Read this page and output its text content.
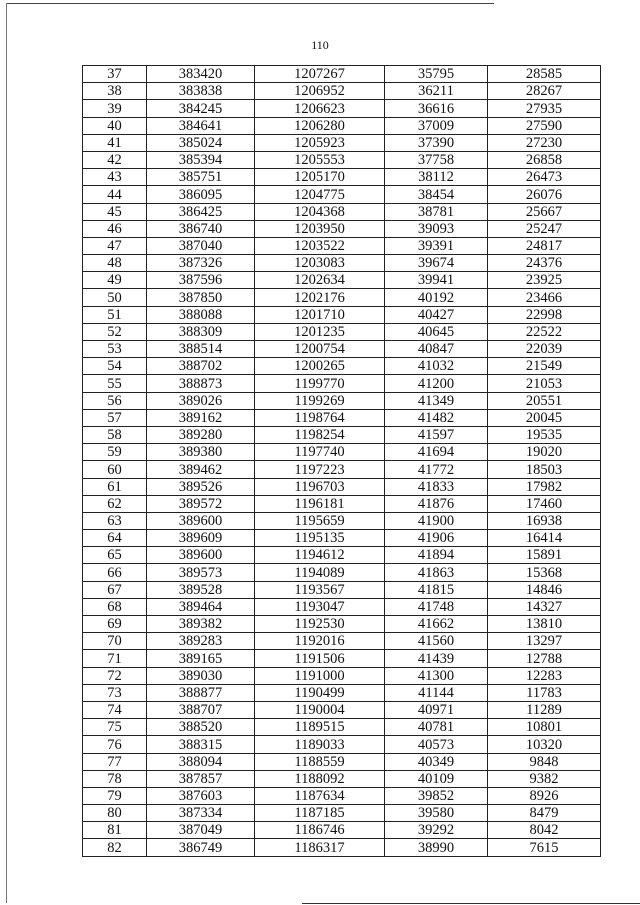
110
37	383420	1207267	35795	28585
38	383838	1206952	36211	28267
39	384245	1206623	36616	27935
40	384641	1206280	37009	27590
41	385024	1205923	37390	27230
42	385394	1205553	37758	26858
43	385751	1205170	38112	26473
44	386095	1204775	38454	26076
45	386425	1204368	38781	25667
46	386740	1203950	39093	25247
47	387040	1203522	39391	24817
48	387326	1203083	39674	24376
49	387596	1202634	39941	23925
50	387850	1202176	40192	23466
51	388088	1201710	40427	22998
52	388309	1201235	40645	22522
53	388514	1200754	40847	22039
54	388702	1200265	41032	21549
55	388873	1199770	41200	21053
56	389026	1199269	41349	20551
57	389162	1198764	41482	20045
58	389280	1198254	41597	19535
59	389380	1197740	41694	19020
60	389462	1197223	41772	18503
61	389526	1196703	41833	17982
62	389572	1196181	41876	17460
63	389600	1195659	41900	16938
64	389609	1195135	41906	16414
65	389600	1194612	41894	15891
66	389573	1194089	41863	15368
67	389528	1193567	41815	14846
68	389464	1193047	41748	14327
69	389382	1192530	41662	13810
70	389283	1192016	41560	13297
71	389165	1191506	41439	12788
72	389030	1191000	41300	12283
73	388877	1190499	41144	11783
74	388707	1190004	40971	11289
75	388520	1189515	40781	10801
76	388315	1189033	40573	10320
77	388094	1188559	40349	9848
78	387857	1188092	40109	9382
79	387603	1187634	39852	8926
80	387334	1187185	39580	8479
81	387049	1186746	39292	8042
82	386749	1186317	38990	7615
